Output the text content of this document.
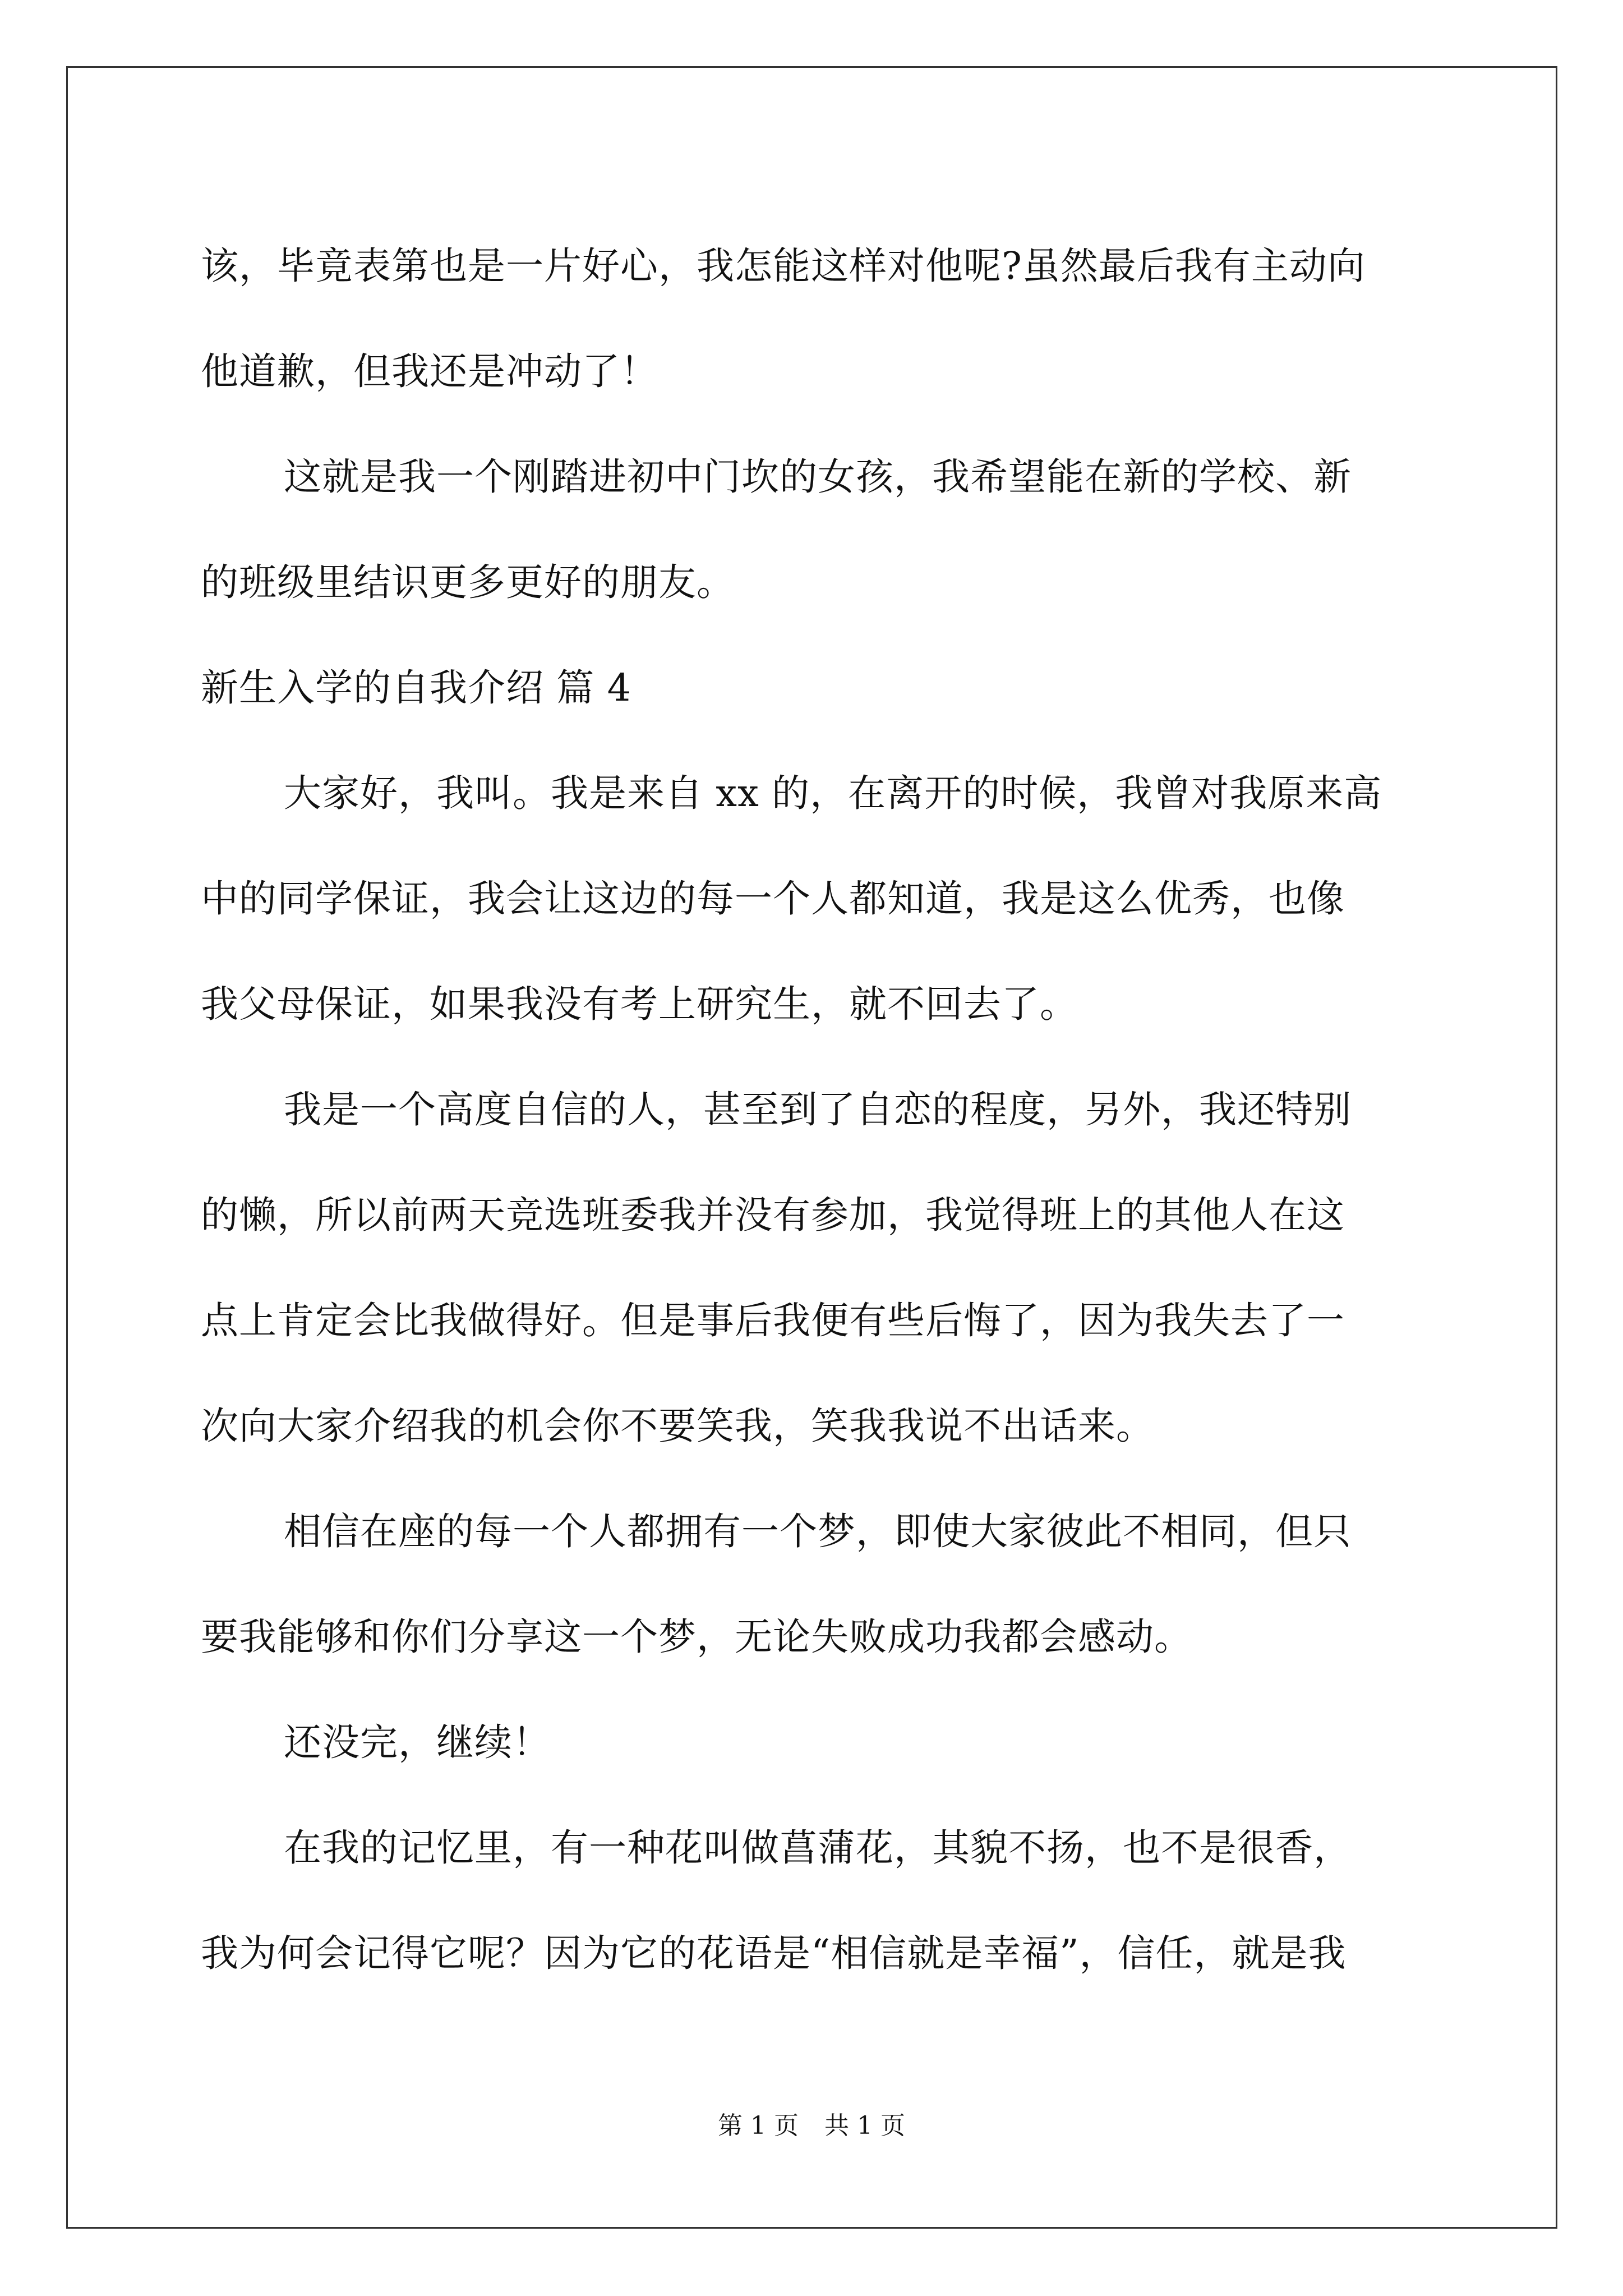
该，毕竟表第也是一片好心，我怎能这样对他呢?虽然最后我有主动向
他道歉，但我还是冲动了！
这就是我一个刚踏进初中门坎的女孩，我希望能在新的学校、新
的班级里结识更多更好的朋友。
新生入学的自我介绍 篇 4
大家好，我叫。我是来自 xx 的，在离开的时候，我曾对我原来高
中的同学保证，我会让这边的每一个人都知道，我是这么优秀，也像
我父母保证，如果我没有考上研究生，就不回去了。
我是一个高度自信的人，甚至到了自恋的程度，另外，我还特别
的懒，所以前两天竞选班委我并没有参加，我觉得班上的其他人在这
点上肯定会比我做得好。但是事后我便有些后悔了，因为我失去了一
次向大家介绍我的机会你不要笑我，笑我我说不出话来。
相信在座的每一个人都拥有一个梦，即使大家彼此不相同，但只
要我能够和你们分享这一个梦，无论失败成功我都会感动。
还没完，继续！
在我的记忆里，有一种花叫做菖蒲花，其貌不扬，也不是很香，
我为何会记得它呢？因为它的花语是“相信就是幸福”，信任，就是我
第 1 页 共 1 页
